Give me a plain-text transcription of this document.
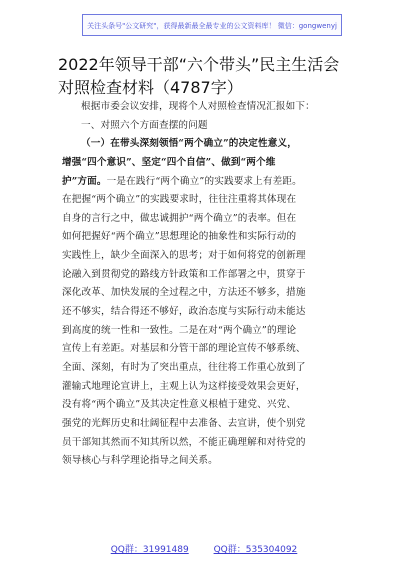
关注头条号"公文研究"，获得最新最全最专业的公文资料库！ 微信：gongwenyj
2022年领导干部“六个带头”民主生活会
对照检查材料（4787字）
根据市委会议安排，现将个人对照检查情况汇报如下：
一、对照六个方面查摆的问题
（一）在带头深刻领悟“两个确立”的决定性意义，
增强“四个意识”、坚定“四个自信”、做到“两个维
护”方面。一是在践行“两个确立”的实践要求上有差距。
在把握“两个确立”的实践要求时，往往注重将其体现在
自身的言行之中，做忠诚拥护“两个确立”的表率。但在
如何把握好“两个确立”思想理论的抽象性和实际行动的
实践性上，缺少全面深入的思考；对于如何将党的创新理
论融入到贯彻党的路线方针政策和工作部署之中，贯穿于
深化改革、加快发展的全过程之中，方法还不够多，措施
还不够实，结合得还不够好，政治态度与实际行动未能达
到高度的统一性和一致性。二是在对“两个确立”的理论
宣传上有差距。对基层和分管干部的理论宣传不够系统、
全面、深刻，有时为了突出重点，往往将工作重心放到了
灌输式地理论宣讲上，主观上认为这样接受效果会更好，
没有将“两个确立”及其决定性意义根植于建党、兴党、
强党的光辉历史和壮阔征程中去准备、去宣讲，使个别党
员干部知其然而不知其所以然，不能正确理解和对待党的
领导核心与科学理论指导之间关系。
QQ群：31991489	QQ群：535304092
